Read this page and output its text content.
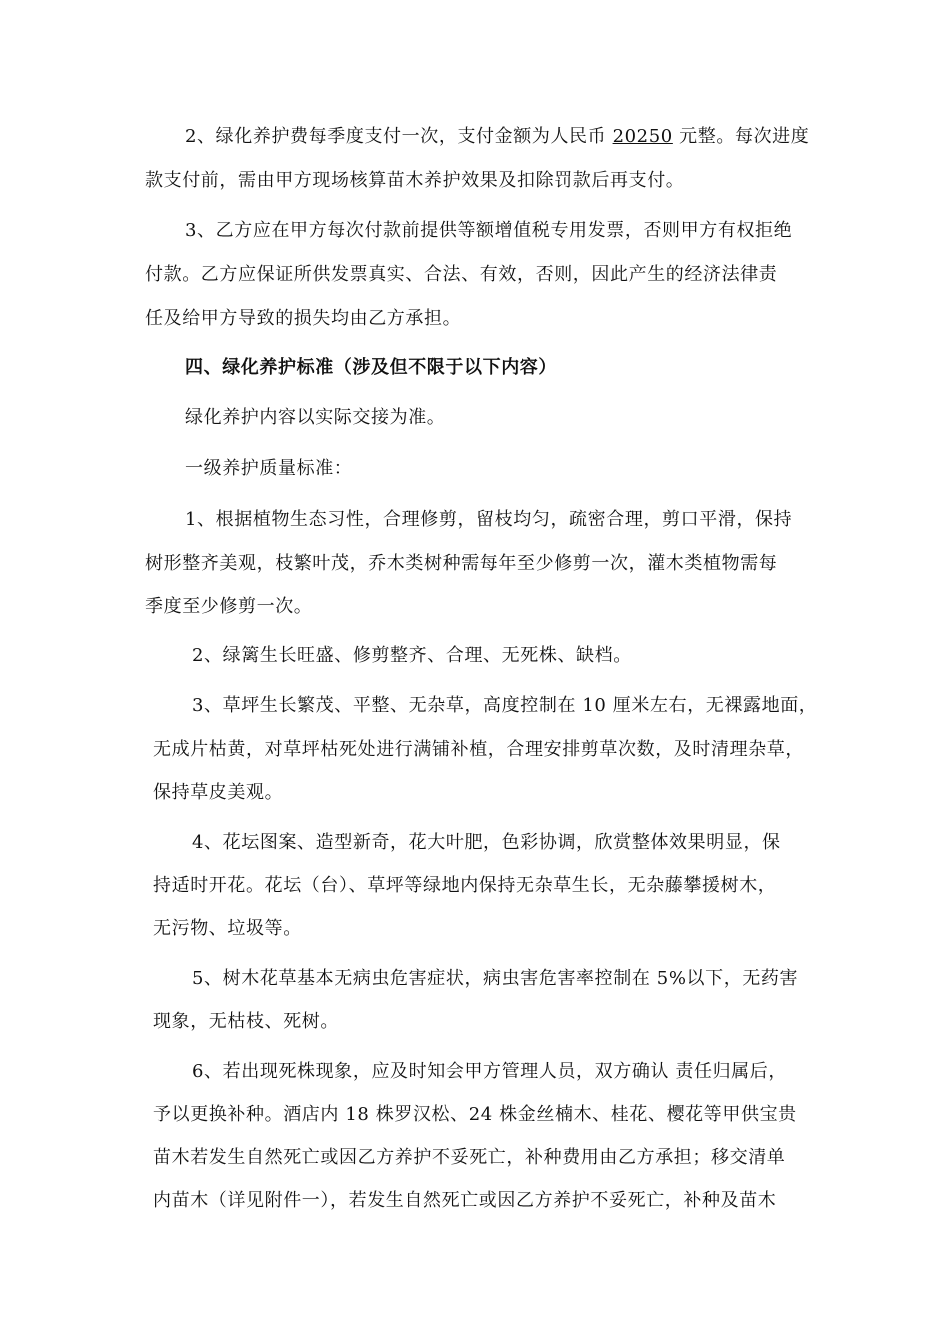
2、绿化养护费每季度支付一次，支付金额为人民币 20250 元整。每次进度
款支付前，需由甲方现场核算苗木养护效果及扣除罚款后再支付。
3、乙方应在甲方每次付款前提供等额增值税专用发票，否则甲方有权拒绝
付款。乙方应保证所供发票真实、合法、有效，否则，因此产生的经济法律责
任及给甲方导致的损失均由乙方承担。
四、绿化养护标准（涉及但不限于以下内容）
绿化养护内容以实际交接为准。
一级养护质量标准：
1、根据植物生态习性，合理修剪，留枝均匀，疏密合理，剪口平滑，保持
树形整齐美观，枝繁叶茂，乔木类树种需每年至少修剪一次，灌木类植物需每
季度至少修剪一次。
2、绿篱生长旺盛、修剪整齐、合理、无死株、缺档。
3、草坪生长繁茂、平整、无杂草，高度控制在 10 厘米左右，无裸露地面，
无成片枯黄，对草坪枯死处进行满铺补植，合理安排剪草次数，及时清理杂草，
保持草皮美观。
4、花坛图案、造型新奇，花大叶肥，色彩协调，欣赏整体效果明显，保
持适时开花。花坛（台）、草坪等绿地内保持无杂草生长，无杂藤攀援树木，
无污物、垃圾等。
5、树木花草基本无病虫危害症状，病虫害危害率控制在 5%以下，无药害
现象，无枯枝、死树。
6、若出现死株现象，应及时知会甲方管理人员，双方确认 责任归属后，
予以更换补种。酒店内 18 株罗汉松、24 株金丝楠木、桂花、樱花等甲供宝贵
苗木若发生自然死亡或因乙方养护不妥死亡，补种费用由乙方承担；移交清单
内苗木（详见附件一），若发生自然死亡或因乙方养护不妥死亡，补种及苗木
